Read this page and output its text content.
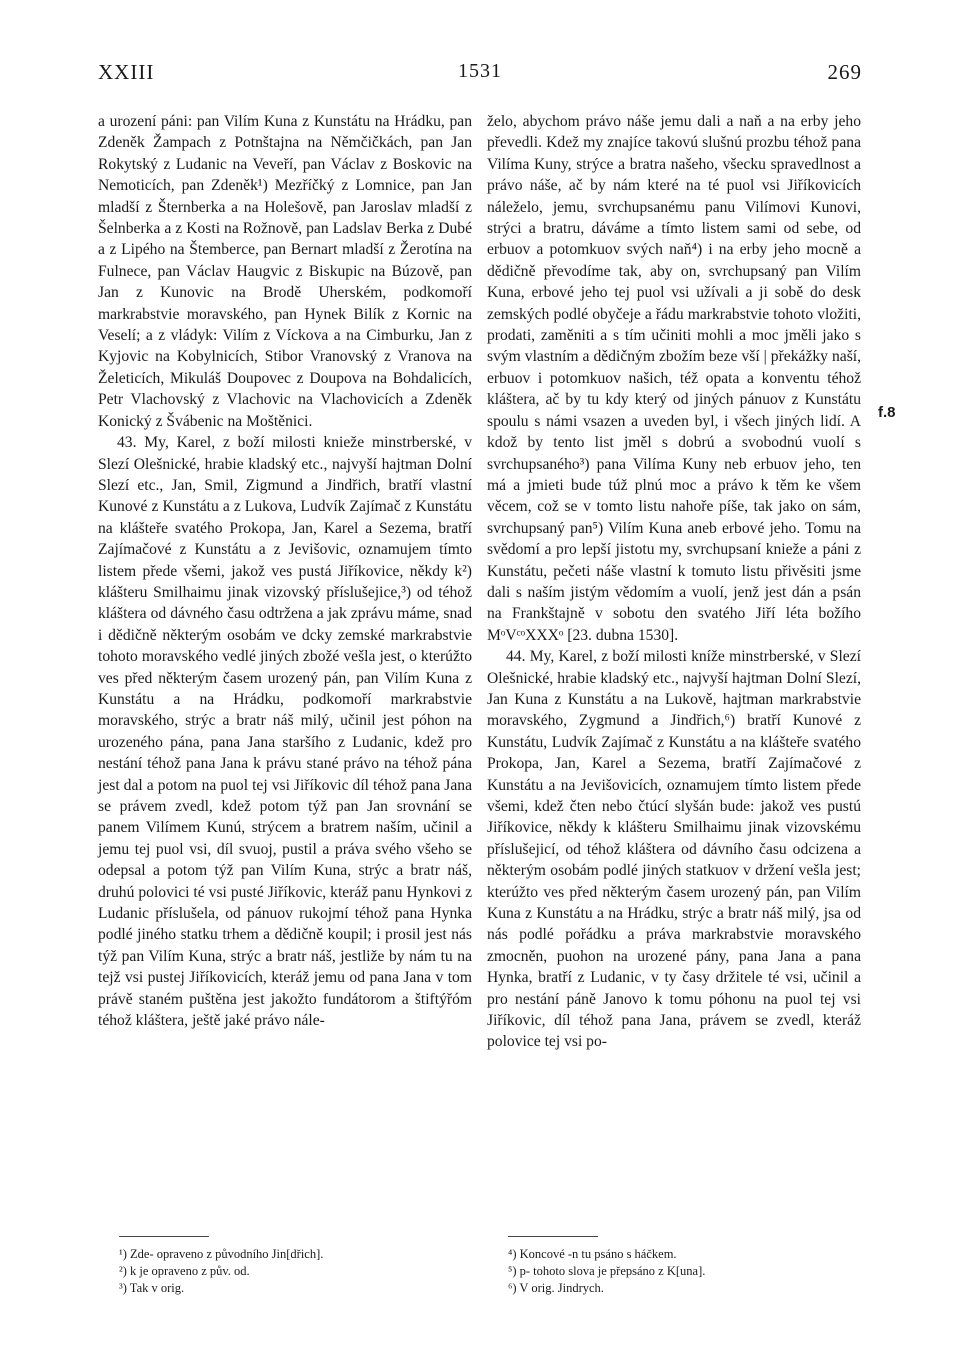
XXIII	1531	269

a urození páni: pan Vilím Kuna z Kunstátu na Hrádku, pan Zdeněk Žampach z Potnštajna na Němčičkách, pan Jan Rokytský z Ludanic na Veveří, pan Václav z Boskovic na Nemoticích, pan Zdeněk¹) Mezříčký z Lomnice, pan Jan mladší z Šternberka a na Holešově, pan Jaroslav mladší z Šelnberka a z Kosti na Rožnově, pan Ladslav Berka z Dubé a z Lipého na Štemberce, pan Bernart mladší z Žerotína na Fulnece, pan Václav Haugvic z Biskupic na Búzově, pan Jan z Kunovic na Brodě Uherském, podkomoří markrabstvie moravského, pan Hynek Bilík z Kornic na Veselí; a z vládyk: Vilím z Víckova a na Cimburku, Jan z Kyjovic na Kobylnicích, Stibor Vranovský z Vranova na Želeticích, Mikuláš Doupovec z Doupova na Bohdalicích, Petr Vlachovský z Vlachovic na Vlachovicích a Zdeněk Konický z Švábenic na Moštěnici.

43. My, Karel, z boží milosti knieže minstrberské, v Slezí Olešnické, hrabie kladský etc., najvyší hajtman Dolní Slezí etc., Jan, Smil, Zigmund a Jindřich, bratří vlastní Kunové z Kunstátu a z Lukova, Ludvík Zajímač z Kunstátu na klášteře svatého Prokopa, Jan, Karel a Sezema, bratří Zajímačové z Kunstátu a z Jevišovic, oznamujem tímto listem přede všemi, jakož ves pustá Jiříkovice, někdy k²) klášteru Smilhaimu jinak vizovský příslušejice,³) od téhož kláštera od dávného času odtržena a jak zprávu máme, snad i dědičně některým osobám ve dcky zemské markrabstvie tohoto moravského vedlé jiných zbožé vešla jest, o kterúžto ves před některým časem urozený pán, pan Vilím Kuna z Kunstátu a na Hrádku, podkomoří markrabstvie moravského, strýc a bratr náš milý, učinil jest póhon na urozeného pána, pana Jana staršího z Ludanic, kdež pro nestání téhož pana Jana k právu stané právo na téhož pána jest dal a potom na puol tej vsi Jiříkovic díl téhož pana Jana se právem zvedl, kdež potom týž pan Jan srovnání se panem Vilímem Kunú, strýcem a bratrem naším, učinil a jemu tej puol vsi, díl svuoj, pustil a práva svého všeho se odepsal a potom týž pan Vilím Kuna, strýc a bratr náš, druhú polovici té vsi pusté Jiříkovic, kteráž panu Hynkovi z Ludanic příslušela, od pánuov rukojmí téhož pana Hynka podlé jiného statku trhem a dědičně koupil; i prosil jest nás týž pan Vilím Kuna, strýc a bratr náš, jestliže by nám tu na tejž vsi pustej Jiříkovicích, kteráž jemu od pana Jana v tom právě staném puštěna jest jakožto fundátorom a štiftýřóm téhož kláštera, ještě jaké právo nále-

želo, abychom právo náše jemu dali a naň a na erby jeho převedli. Kdež my znajíce takovú slušnú prozbu téhož pana Vilíma Kuny, strýce a bratra našeho, všecku spravedlnost a právo náše, ač by nám které na té puol vsi Jiříkovicích náleželo, jemu, svrchupsanému panu Vilímovi Kunovi, strýci a bratru, dáváme a tímto listem sami od sebe, od erbuov a potomkuov svých naň⁴) i na erby jeho mocně a dědičně převodíme tak, aby on, svrchupsaný pan Vilím Kuna, erbové jeho tej puol vsi užívali a ji sobě do desk zemských podlé obyčeje a řádu markrabstvie tohoto vložiti, prodati, zaměniti a s tím učiniti mohli a moc jměli jako s svým vlastním a dědičným zbožím beze vší | překážky naší, erbuov i potomkuov našich, též opata a konventu téhož kláštera, ač by tu kdy který od jiných pánuov z Kunstátu spoulu s námi vsazen a uveden byl, i všech jiných lidí. A kdož by tento list jměl s dobrú a svobodnú vuolí s svrchupsaného³) pana Vilíma Kuny neb erbuov jeho, ten má a jmieti bude túž plnú moc a právo k těm ke všem věcem, což se v tomto listu nahoře píše, tak jako on sám, svrchupsaný pan⁵) Vilím Kuna aneb erbové jeho. Tomu na svědomí a pro lepší jistotu my, svrchupsaní knieže a páni z Kunstátu, pečeti náše vlastní k tomuto listu přivěsiti jsme dali s naším jistým vědomím a vuolí, jenž jest dán a psán na Frankštajně v sobotu den svatého Jiří léta božího MᵒVᶜᵒXXXᵒ [23. dubna 1530].

44. My, Karel, z boží milosti kníže minstrberské, v Slezí Olešnické, hrabie kladský etc., najvyší hajtman Dolní Slezí, Jan Kuna z Kunstátu a na Lukově, hajtman markrabstvie moravského, Zygmund a Jindřich,⁶) bratří Kunové z Kunstátu, Ludvík Zajímač z Kunstátu a na klášteře svatého Prokopa, Jan, Karel a Sezema, bratří Zajímačové z Kunstátu a na Jevišovicích, oznamujem tímto listem přede všemi, kdež čten nebo čtúcí slyšán bude: jakož ves pustú Jiříkovice, někdy k klášteru Smilhaimu jinak vizovskému příslušejicí, od téhož kláštera od dávního času odcizena a některým osobám podlé jiných statkuov v držení vešla jest; kterúžto ves před některým časem urozený pán, pan Vilím Kuna z Kunstátu a na Hrádku, strýc a bratr náš milý, jsa od nás podlé pořádku a práva markrabstvie moravského zmocněn, puohon na urozené pány, pana Jana a pana Hynka, bratří z Ludanic, v ty časy držitele té vsi, učinil a pro nestání páně Janovo k tomu póhonu na puol tej vsi Jiříkovic, díl téhož pana Jana, právem se zvedl, kteráž polovice tej vsi po-

f.8
¹) Zde- opraveno z původního Jin[dřich].
²) k je opraveno z pův. od.
³) Tak v orig.
⁴) Koncové -n tu psáno s háčkem.
⁵) p- tohoto slova je přepsáno z K[una].
⁶) V orig. Jindrych.
